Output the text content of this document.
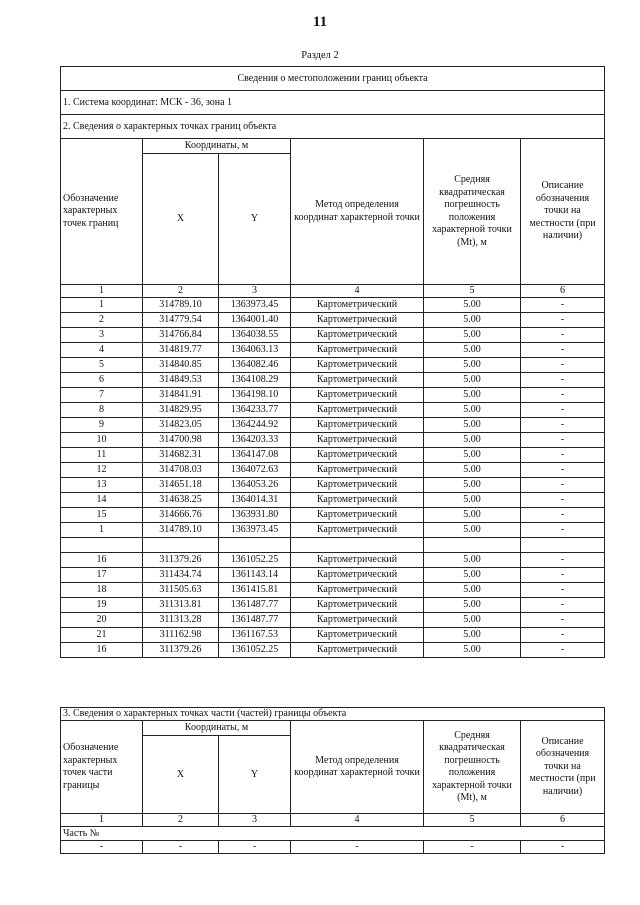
11
Раздел 2
Сведения о местоположении границ объекта					
1. Система координат: МСК - 36, зона 1					
2. Сведения о характерных точках границ объекта					
Обозначение характерных точек границ	Координаты, м		Метод определения координат характерной точки	Средняя квадратическая погрешность положения характерной точки (Mt), м	Описание обозначения точки на местности (при наличии)
	X	Y			
1	2	3	4	5	6
1	314789.10	1363973.45	Картометрический	5.00	-
2	314779.54	1364001.40	Картометрический	5.00	-
3	314766.84	1364038.55	Картометрический	5.00	-
4	314819.77	1364063.13	Картометрический	5.00	-
5	314840.85	1364082.46	Картометрический	5.00	-
6	314849.53	1364108.29	Картометрический	5.00	-
7	314841.91	1364198.10	Картометрический	5.00	-
8	314829.95	1364233.77	Картометрический	5.00	-
9	314823.05	1364244.92	Картометрический	5.00	-
10	314700.98	1364203.33	Картометрический	5.00	-
11	314682.31	1364147.08	Картометрический	5.00	-
12	314708.03	1364072.63	Картометрический	5.00	-
13	314651.18	1364053.26	Картометрический	5.00	-
14	314638.25	1364014.31	Картометрический	5.00	-
15	314666.76	1363931.80	Картометрический	5.00	-
1	314789.10	1363973.45	Картометрический	5.00	-

16	311379.26	1361052.25	Картометрический	5.00	-
17	311434.74	1361143.14	Картометрический	5.00	-
18	311505.63	1361415.81	Картометрический	5.00	-
19	311313.81	1361487.77	Картометрический	5.00	-
20	311313.28	1361487.77	Картометрический	5.00	-
21	311162.98	1361167.53	Картометрический	5.00	-
16	311379.26	1361052.25	Картометрический	5.00	-
3. Сведения о характерных точках части (частей) границы объекта					
Обозначение характерных точек части границы	Координаты, м		Метод определения координат характерной точки	Средняя квадратическая погрешность положения характерной точки (Mt), м	Описание обозначения точки на местности (при наличии)
	X	Y			
1	2	3	4	5	6
Часть №					
-	-	-	-	-	-
